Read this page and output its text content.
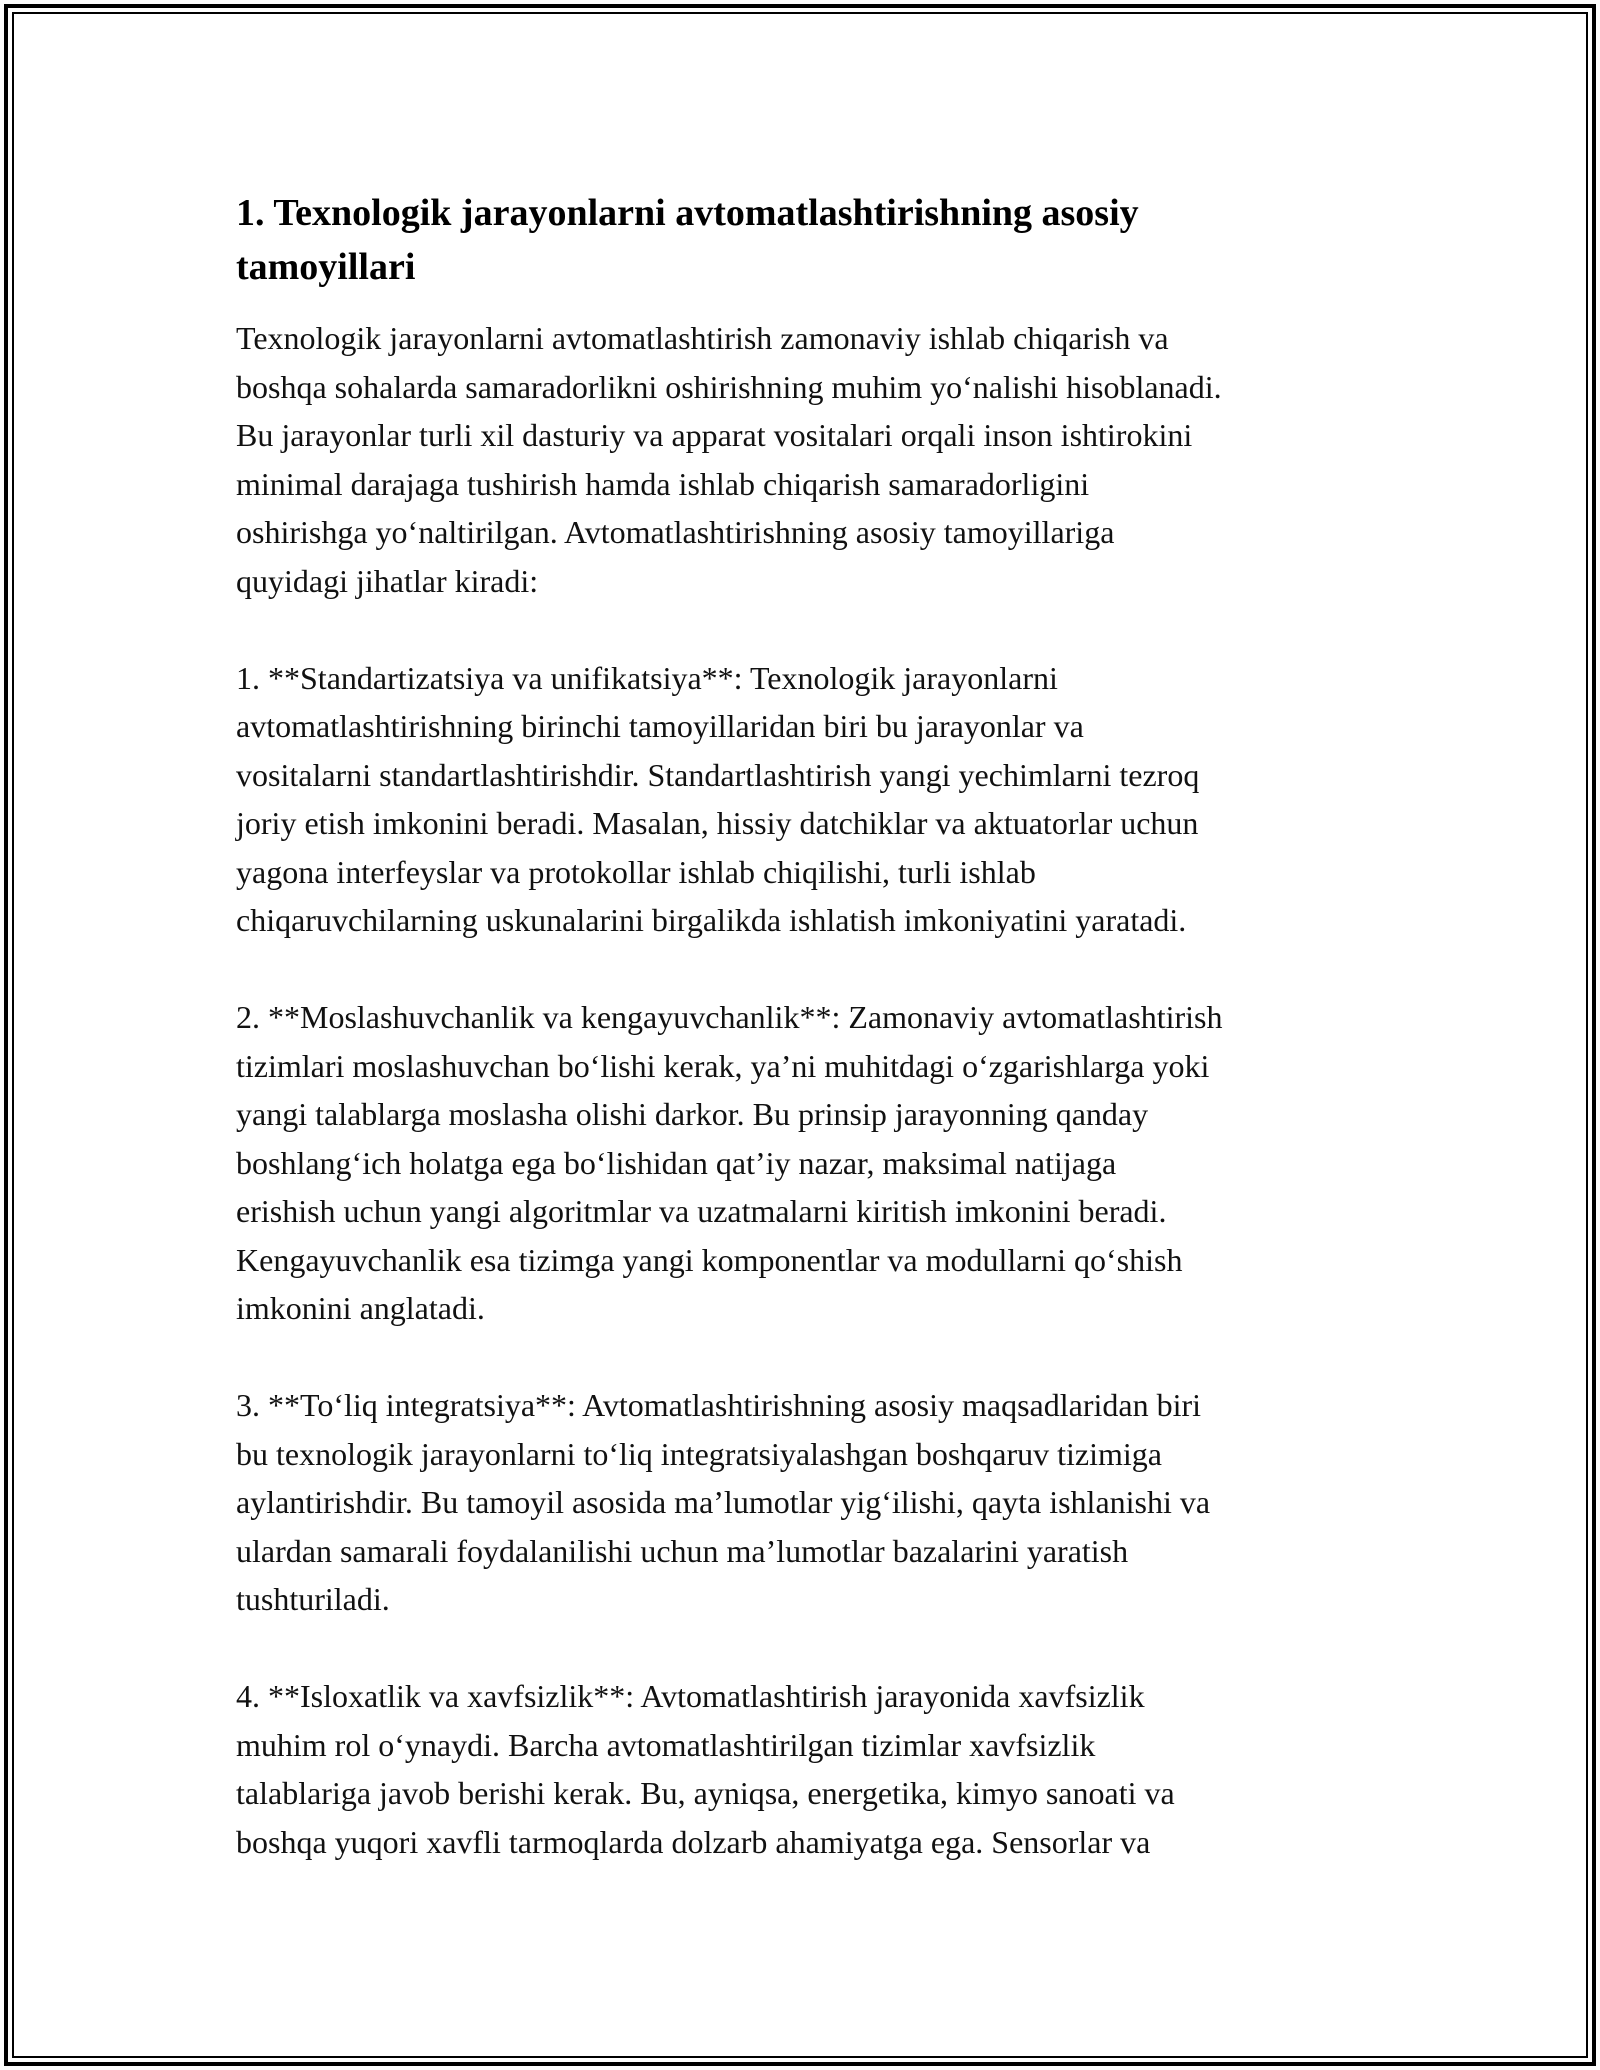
1. Texnologik jarayonlarni avtomatlashtirishning asosiy
tamoyillari

Texnologik jarayonlarni avtomatlashtirish zamonaviy ishlab chiqarish va
boshqa sohalarda samaradorlikni oshirishning muhim yo‘nalishi hisoblanadi.
Bu jarayonlar turli xil dasturiy va apparat vositalari orqali inson ishtirokini
minimal darajaga tushirish hamda ishlab chiqarish samaradorligini
oshirishga yo‘naltirilgan. Avtomatlashtirishning asosiy tamoyillariga
quyidagi jihatlar kiradi:

1. **Standartizatsiya va unifikatsiya**: Texnologik jarayonlarni
avtomatlashtirishning birinchi tamoyillaridan biri bu jarayonlar va
vositalarni standartlashtirishdir. Standartlashtirish yangi yechimlarni tezroq
joriy etish imkonini beradi. Masalan, hissiy datchiklar va aktuatorlar uchun
yagona interfeyslar va protokollar ishlab chiqilishi, turli ishlab
chiqaruvchilarning uskunalarini birgalikda ishlatish imkoniyatini yaratadi.

2. **Moslashuvchanlik va kengayuvchanlik**: Zamonaviy avtomatlashtirish
tizimlari moslashuvchan bo‘lishi kerak, ya’ni muhitdagi o‘zgarishlarga yoki
yangi talablarga moslasha olishi darkor. Bu prinsip jarayonning qanday
boshlang‘ich holatga ega bo‘lishidan qat’iy nazar, maksimal natijaga
erishish uchun yangi algoritmlar va uzatmalarni kiritish imkonini beradi.
Kengayuvchanlik esa tizimga yangi komponentlar va modullarni qo‘shish
imkonini anglatadi.

3. **To‘liq integratsiya**: Avtomatlashtirishning asosiy maqsadlaridan biri
bu texnologik jarayonlarni to‘liq integratsiyalashgan boshqaruv tizimiga
aylantirishdir. Bu tamoyil asosida ma’lumotlar yig‘ilishi, qayta ishlanishi va
ulardan samarali foydalanilishi uchun ma’lumotlar bazalarini yaratish
tushturiladi.

4. **Isloxatlik va xavfsizlik**: Avtomatlashtirish jarayonida xavfsizlik
muhim rol o‘ynaydi. Barcha avtomatlashtirilgan tizimlar xavfsizlik
talablariga javob berishi kerak. Bu, ayniqsa, energetika, kimyo sanoati va
boshqa yuqori xavfli tarmoqlarda dolzarb ahamiyatga ega. Sensorlar va
